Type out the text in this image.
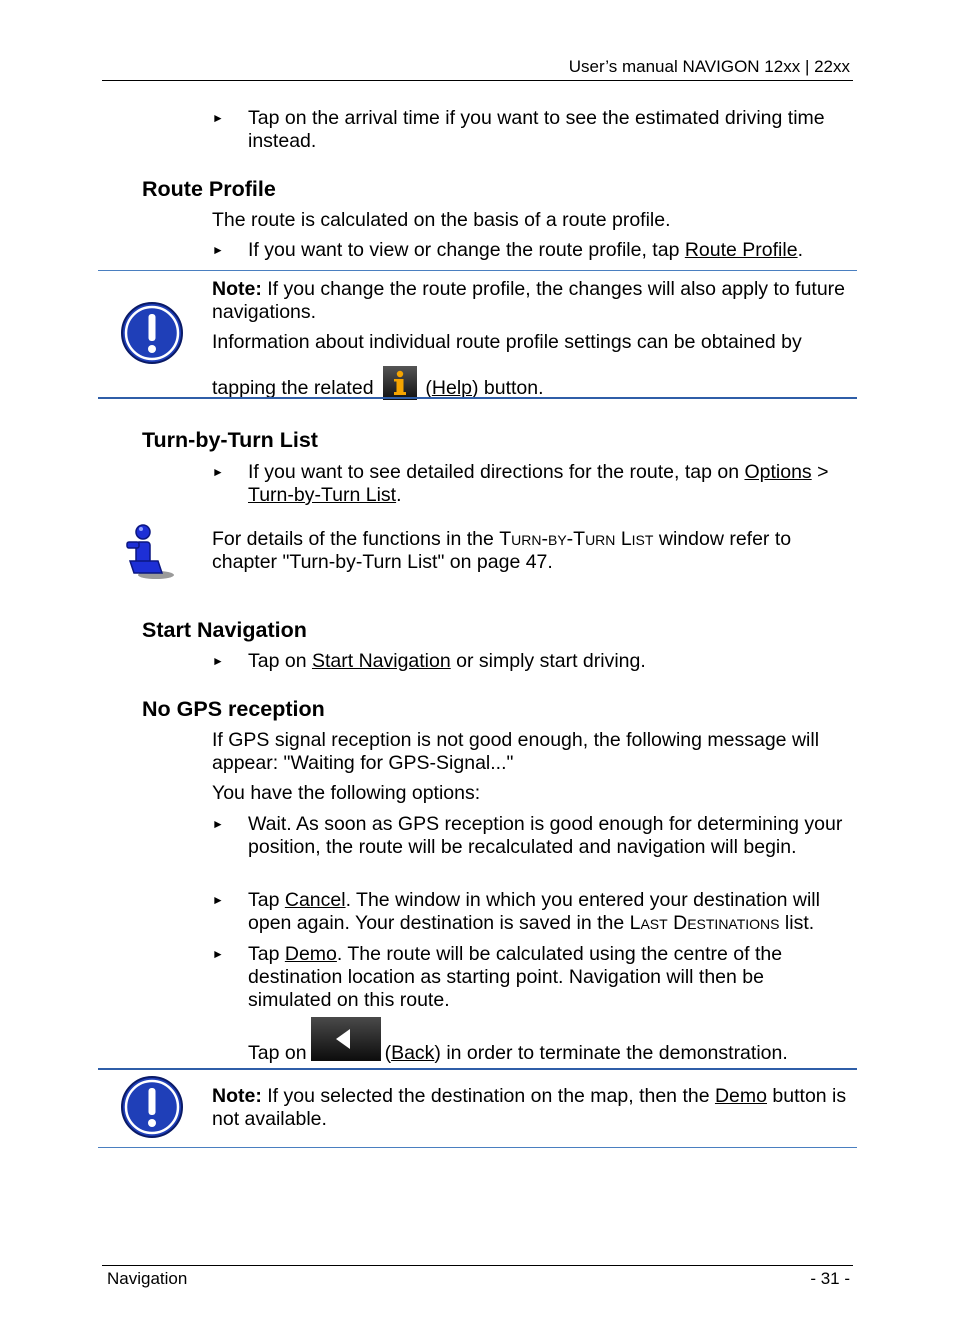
User’s manual NAVIGON 12xx | 22xx
► Tap on the arrival time if you want to see the estimated driving time instead.
Route Profile

The route is calculated on the basis of a route profile.

► If you want to view or change the route profile, tap Route Profile.

Note: If you change the route profile, the changes will also apply to future navigations.

Information about individual route profile settings can be obtained by

tapping the related  (Help) button.

Turn-by-Turn List
► If you want to see detailed directions for the route, tap on Options > Turn-by-Turn List.

For details of the functions in the Turn-by-Turn List window refer to chapter "Turn-by-Turn List" on page 47.

Start Navigation
► Tap on Start Navigation or simply start driving.
No GPS reception

If GPS signal reception is not good enough, the following message will appear: "Waiting for GPS-Signal..."

You have the following options:

► Wait. As soon as GPS reception is good enough for determining your position, the route will be recalculated and navigation will begin.
► Tap Cancel. The window in which you entered your destination will open again. Your destination is saved in the Last Destinations list.
► Tap Demo. The route will be calculated using the centre of the destination location as starting point. Navigation will then be simulated on this route.

Tap on	(Back) in order to terminate the demonstration.

Note: If you selected the destination on the map, then the Demo button is not available.

Navigation	- 31 -
